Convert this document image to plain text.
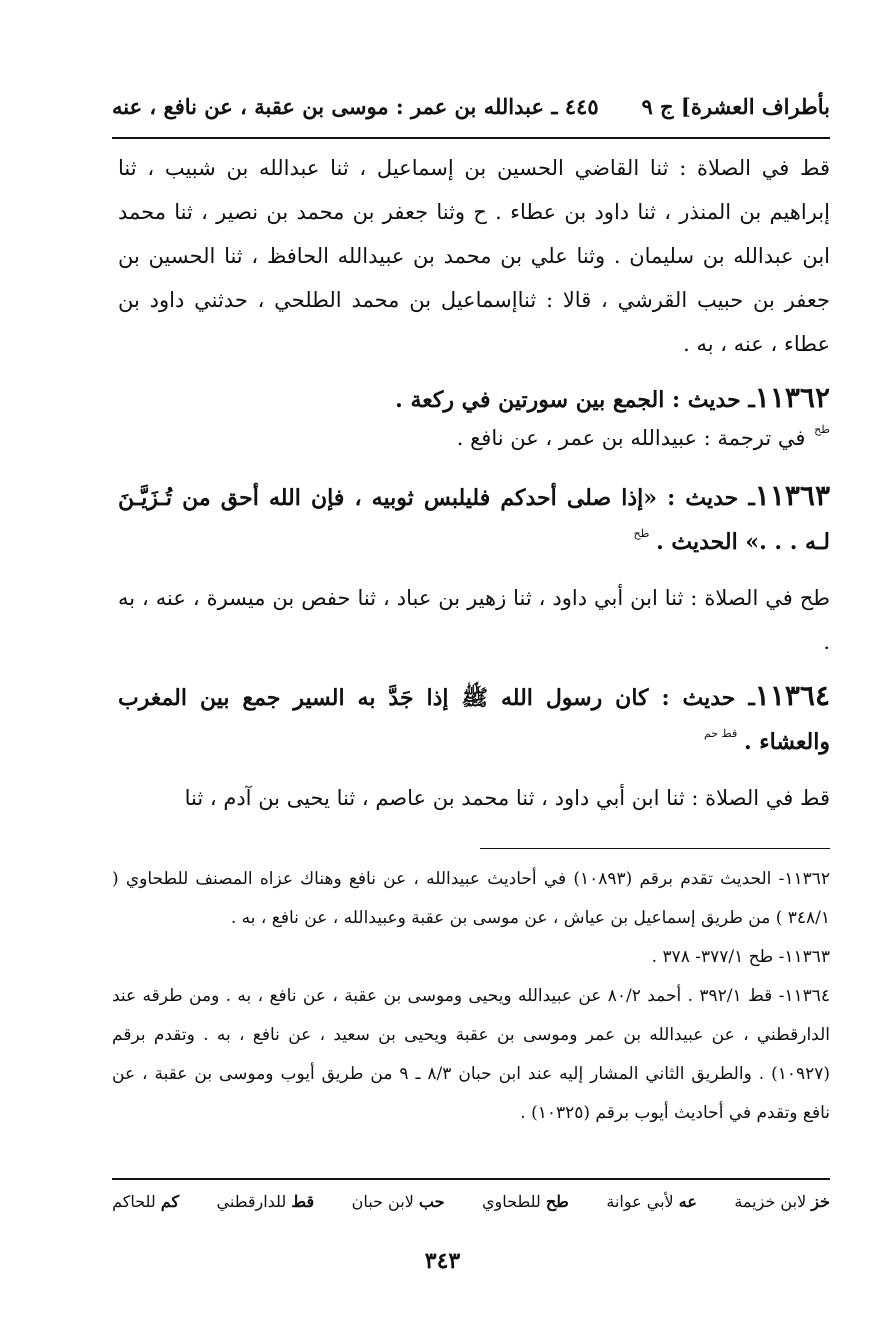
بأطراف العشرة] ج ٩
٤٤٥ ـ عبدالله بن عمر : موسى بن عقبة ، عن نافع ، عنه

قط في الصلاة : ثنا القاضي الحسين بن إسماعيل ، ثنا عبدالله بن شبيب ، ثنا إبراهيم بن المنذر ، ثنا داود بن عطاء . ح وثنا جعفر بن محمد بن نصير ، ثنا محمد ابن عبدالله بن سليمان . وثنا علي بن محمد بن عبيدالله الحافظ ، ثنا الحسين بن جعفر بن حبيب القرشي ، قالا : ثناإسماعيل بن محمد الطلحي ، حدثني داود بن عطاء ، عنه ، به .

١١٣٦٢ـ حديث : الجمع بين سورتين في ركعة .

$^{طح}$ في ترجمة : عبيدالله بن عمر ، عن نافع .

١١٣٦٣ـ حديث : «إذا صلى أحدكم فليلبس ثوبيه ، فإن الله أحق من تُـزَيَّـنَ لـه . . .» الحديث . $^{طح}$

طح في الصلاة : ثنا ابن أبي داود ، ثنا زهير بن عباد ، ثنا حفص بن ميسرة ، عنه ، به .

١١٣٦٤ـ حديث : كان رسول الله ﷺ إذا جَدَّ به السير جمع بين المغرب والعشاء . $^{قط حم}$

قط في الصلاة : ثنا ابن أبي داود ، ثنا محمد بن عاصم ، ثنا يحيى بن آدم ، ثنا

١١٣٦٢- الحديث تقدم برقم (١٠٨٩٣) في أحاديث عبيدالله ، عن نافع وهناك عزاه المصنف للطحاوي ( ٣٤٨/١ ) من طريق إسماعيل بن عياش ، عن موسى بن عقبة وعبيدالله ، عن نافع ، به .

١١٣٦٣- طح ٣٧٧/١- ٣٧٨ .

١١٣٦٤- قط ٣٩٢/١ . أحمد ٨٠/٢ عن عبيدالله ويحيى وموسى بن عقبة ، عن نافع ، به . ومن طرقه عند الدارقطني ، عن عبيدالله بن عمر وموسى بن عقبة ويحيى بن سعيد ، عن نافع ، به . وتقدم برقم (١٠٩٢٧) . والطريق الثاني المشار إليه عند ابن حبان ٨/٣ ـ ٩ من طريق أيوب وموسى بن عقبة ، عن نافع وتقدم في أحاديث أيوب برقم (١٠٣٢٥) .

خز لابن خزيمة
عه لأبي عوانة
طح للطحاوي
حب لابن حبان
قط للدارقطني
كم للحاكم
٣٤٣
